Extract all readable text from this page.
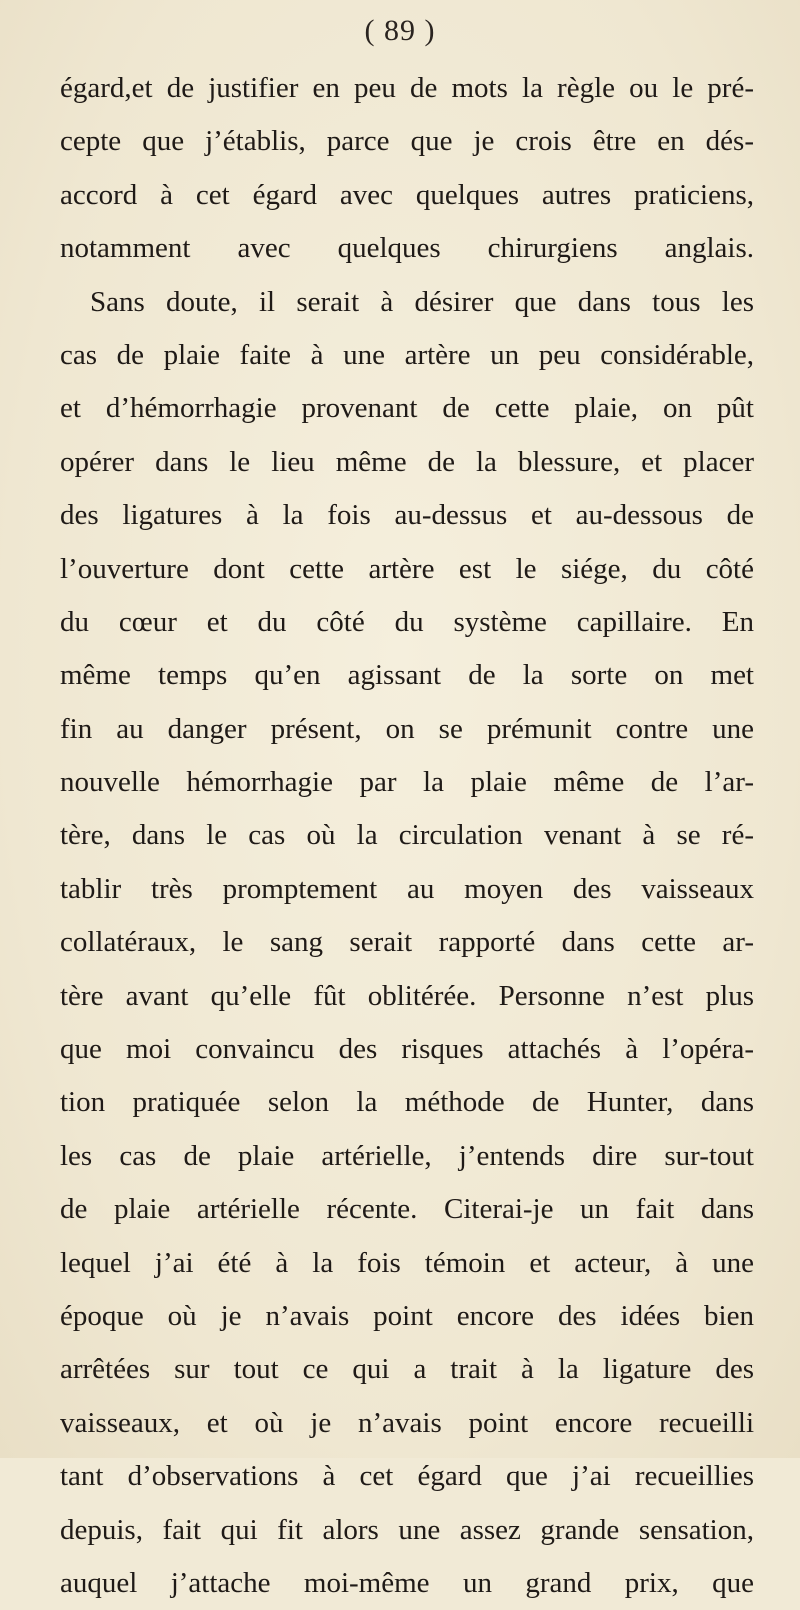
( 89 )
égard,et de justifier en peu de mots la règle ou le pré-
cepte que j’établis, parce que je crois être en dés-
accord à cet égard avec quelques autres praticiens,
notamment avec quelques chirurgiens anglais.
Sans doute, il serait à désirer que dans tous les
cas de plaie faite à une artère un peu considérable,
et d’hémorrhagie provenant de cette plaie, on pût
opérer dans le lieu même de la blessure, et placer
des ligatures à la fois au-dessus et au-dessous de
l’ouverture dont cette artère est le siége, du côté
du cœur et du côté du système capillaire. En
même temps qu’en agissant de la sorte on met
fin au danger présent, on se prémunit contre une
nouvelle hémorrhagie par la plaie même de l’ar-
tère, dans le cas où la circulation venant à se ré-
tablir très promptement au moyen des vaisseaux
collatéraux, le sang serait rapporté dans cette ar-
tère avant qu’elle fût oblitérée. Personne n’est plus
que moi convaincu des risques attachés à l’opéra-
tion pratiquée selon la méthode de Hunter, dans
les cas de plaie artérielle, j’entends dire sur-tout
de plaie artérielle récente. Citerai-je un fait dans
lequel j’ai été à la fois témoin et acteur, à une
époque où je n’avais point encore des idées bien
arrêtées sur tout ce qui a trait à la ligature des
vaisseaux, et où je n’avais point encore recueilli
tant d’observations à cet égard que j’ai recueillies
depuis, fait qui fit alors une assez grande sensation,
auquel j’attache moi-même un grand prix, que
